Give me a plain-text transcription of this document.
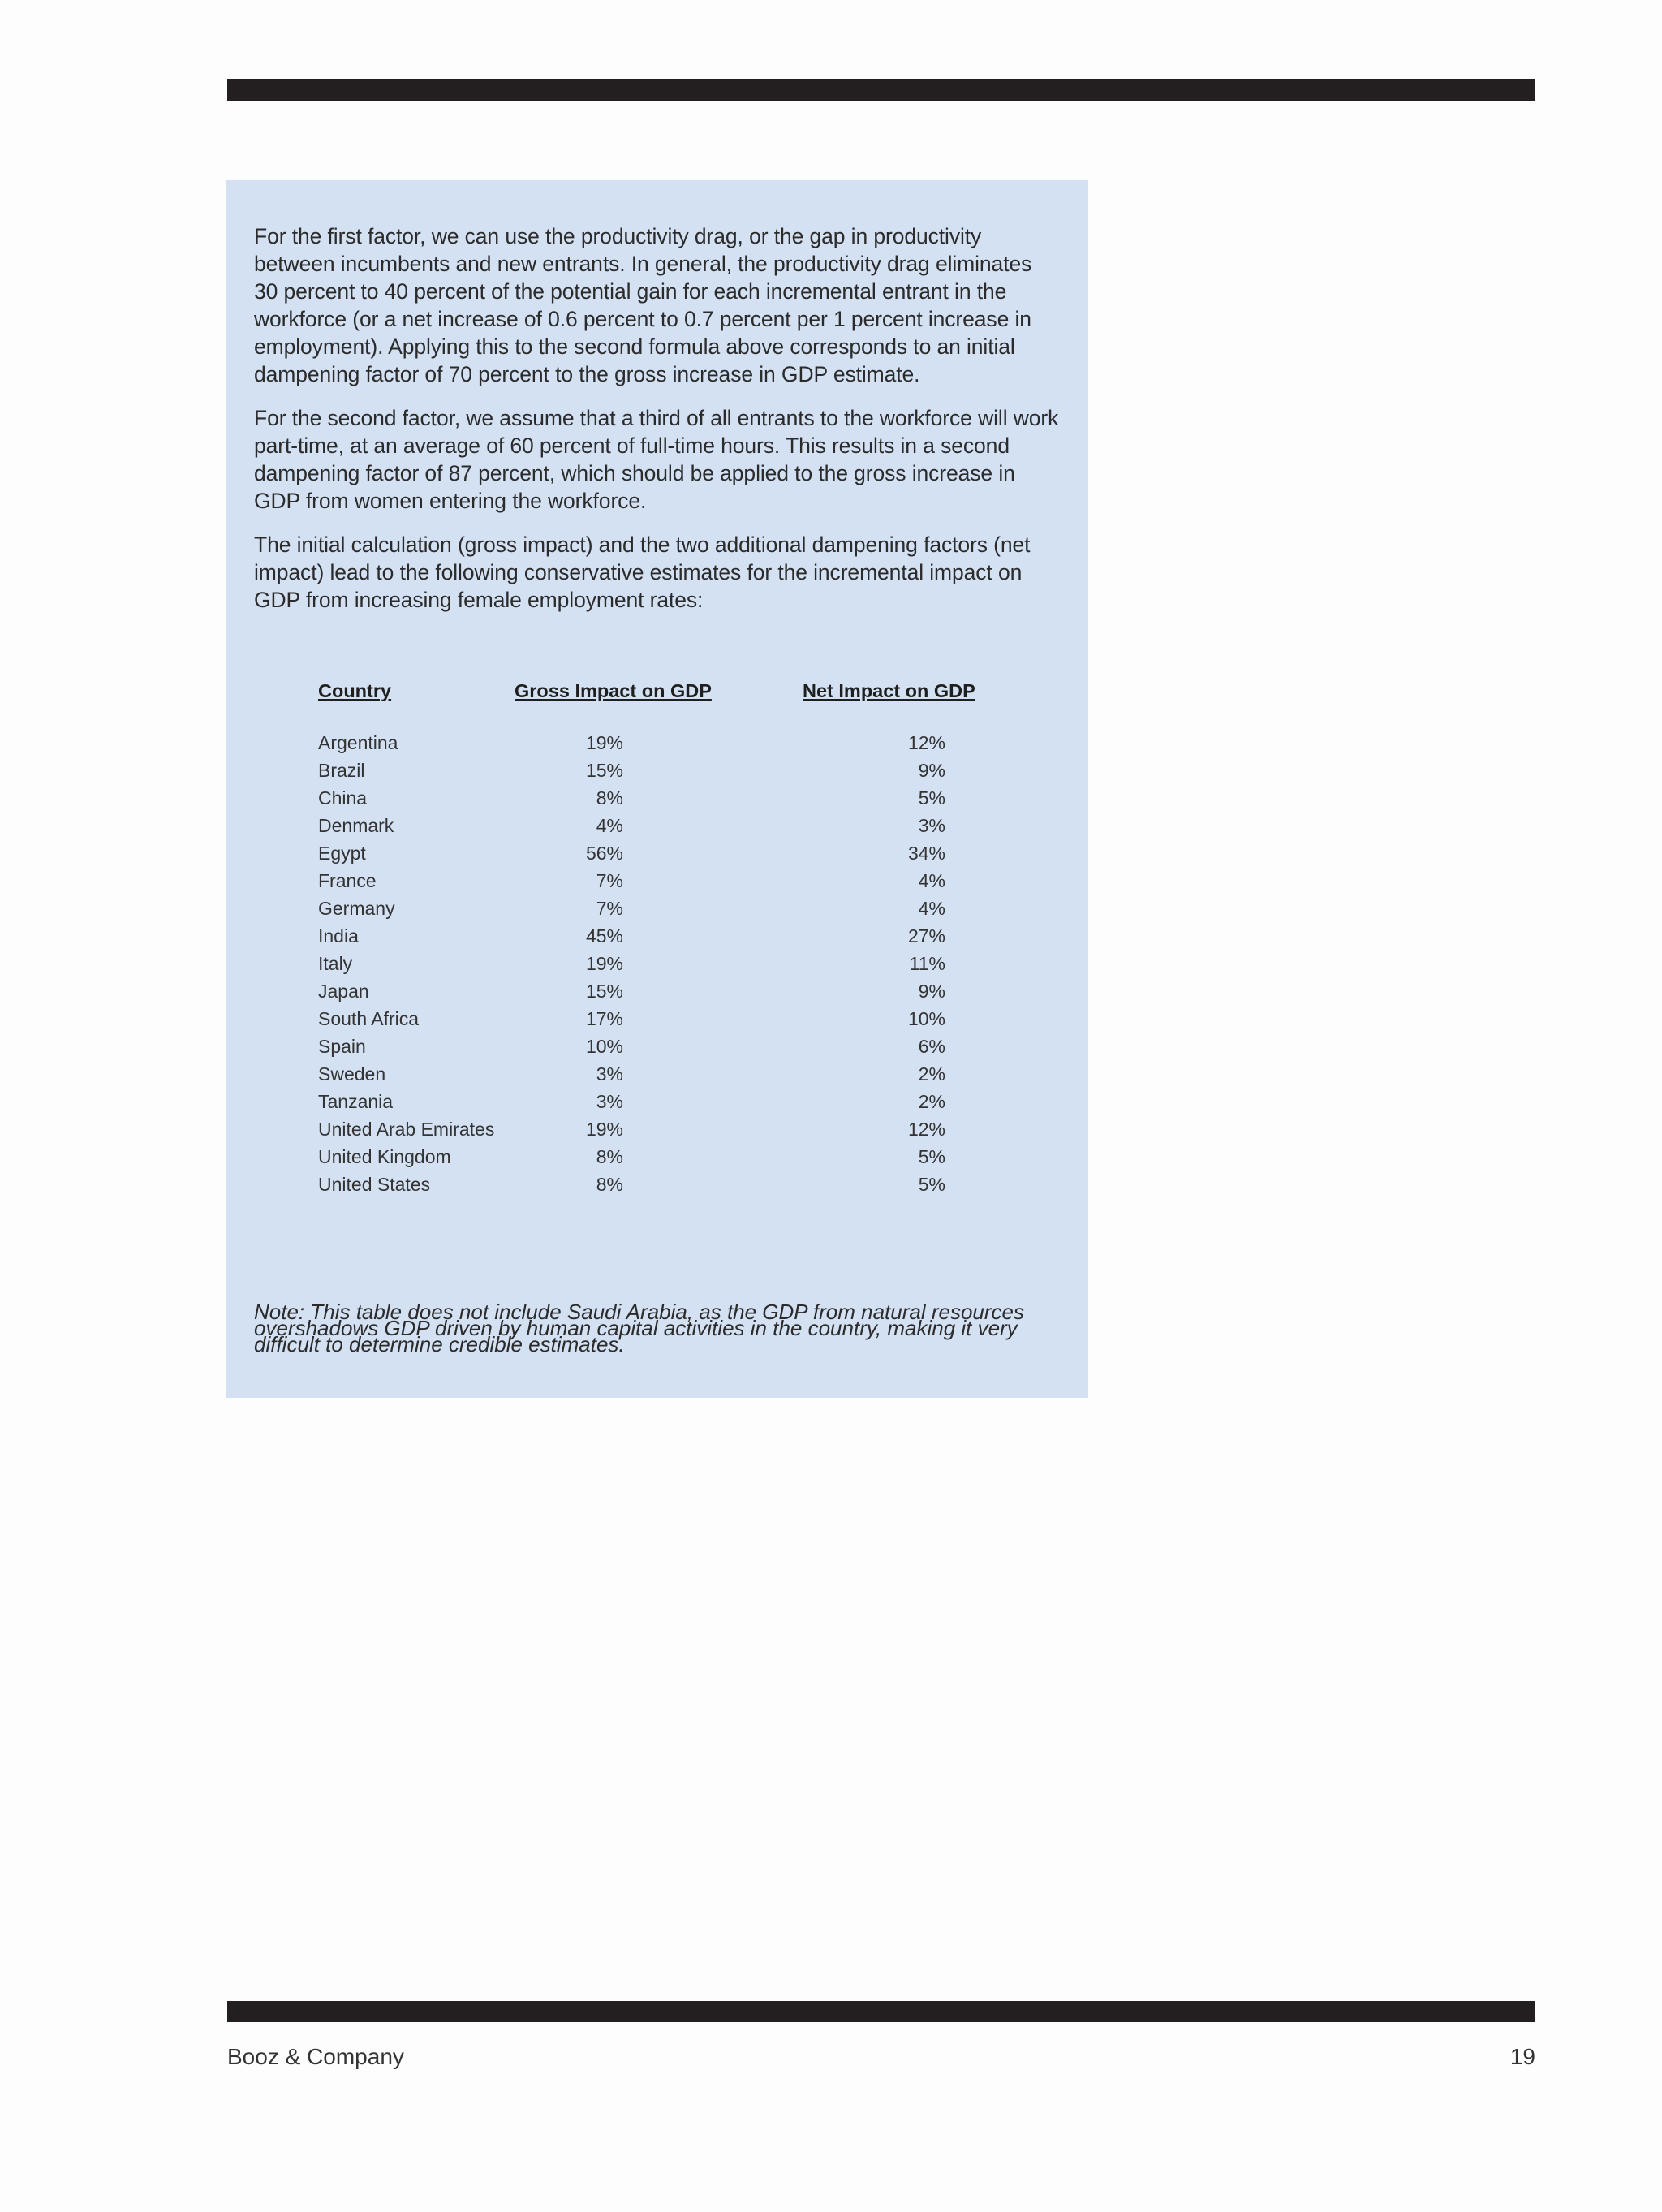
For the first factor, we can use the productivity drag, or the gap in productivity between incumbents and new entrants. In general, the productivity drag eliminates 30 percent to 40 percent of the potential gain for each incremental entrant in the workforce (or a net increase of 0.6 percent to 0.7 percent per 1 percent increase in employment). Applying this to the second formula above corresponds to an initial dampening factor of 70 percent to the gross increase in GDP estimate.

For the second factor, we assume that a third of all entrants to the workforce will work part-time, at an average of 60 percent of full-time hours. This results in a second dampening factor of 87 percent, which should be applied to the gross increase in GDP from women entering the workforce.

The initial calculation (gross impact) and the two additional dampening factors (net impact) lead to the following conservative estimates for the incremental impact on GDP from increasing female employment rates:

Country	Gross Impact on GDP	Net Impact on GDP

Argentina	19%	12%
Brazil	15%	9%
China	8%	5%
Denmark	4%	3%
Egypt	56%	34%
France	7%	4%
Germany	7%	4%
India	45%	27%
Italy	19%	11%
Japan	15%	9%
South Africa	17%	10%
Spain	10%	6%
Sweden	3%	2%
Tanzania	3%	2%
United Arab Emirates	19%	12%
United Kingdom	8%	5%
United States	8%	5%

Note: This table does not include Saudi Arabia, as the GDP from natural resources overshadows GDP driven by human capital activities in the country, making it very difficult to determine credible estimates.

Booz & Company	19
